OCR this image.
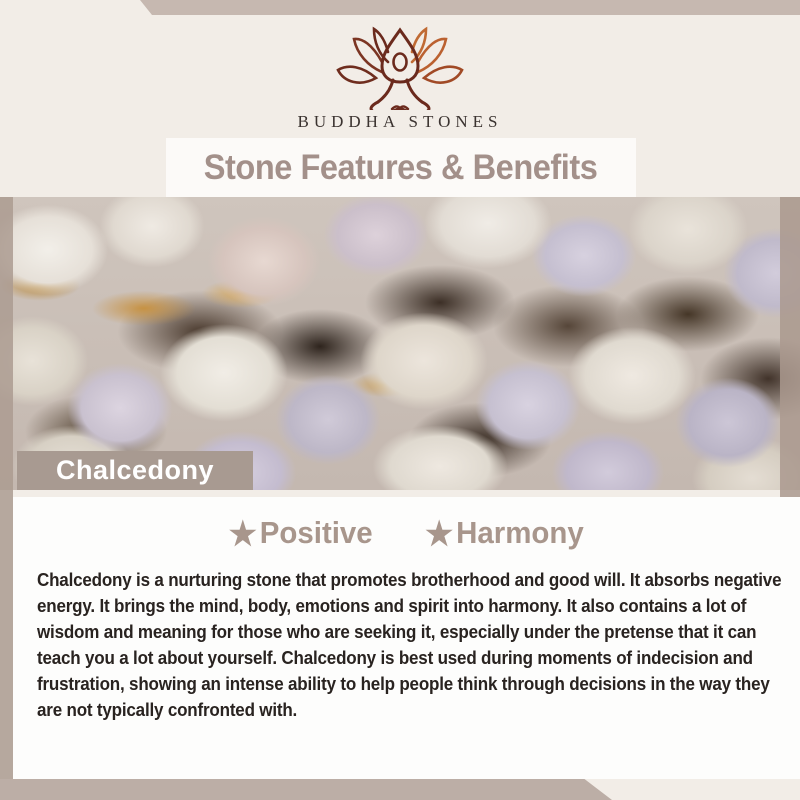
BUDDHA STONES
Stone Features & Benefits
Chalcedony
★ Positive ★ Harmony
Chalcedony is a nurturing stone that promotes brotherhood and good will. It absorbs negative
energy. It brings the mind, body, emotions and spirit into harmony. It also contains a lot of
wisdom and meaning for those who are seeking it, especially under the pretense that it can
teach you a lot about yourself. Chalcedony is best used during moments of indecision and
frustration, showing an intense ability to help people think through decisions in the way they
are not typically confronted with.
